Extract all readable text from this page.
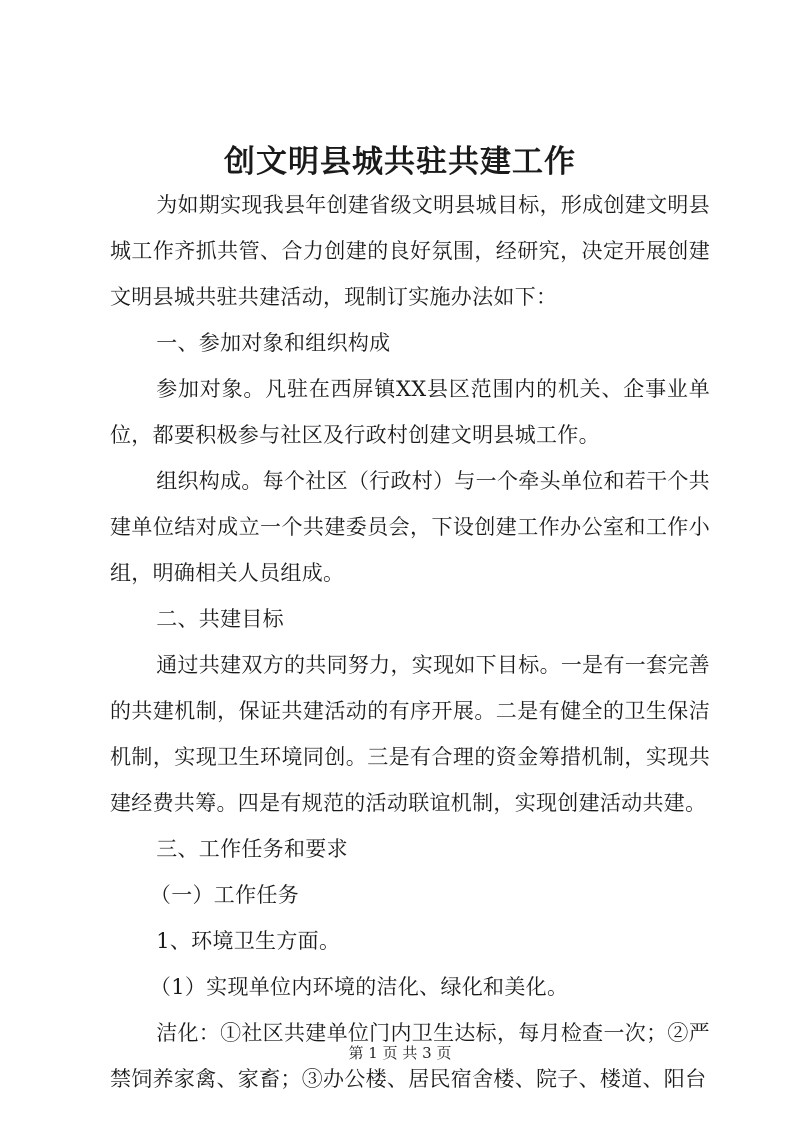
创文明县城共驻共建工作

为如期实现我县年创建省级文明县城目标，形成创建文明县城工作齐抓共管、合力创建的良好氛围，经研究，决定开展创建文明县城共驻共建活动，现制订实施办法如下：

一、参加对象和组织构成

参加对象。凡驻在西屏镇XX县区范围内的机关、企事业单位，都要积极参与社区及行政村创建文明县城工作。

组织构成。每个社区（行政村）与一个牵头单位和若干个共建单位结对成立一个共建委员会，下设创建工作办公室和工作小组，明确相关人员组成。

二、共建目标

通过共建双方的共同努力，实现如下目标。一是有一套完善的共建机制，保证共建活动的有序开展。二是有健全的卫生保洁机制，实现卫生环境同创。三是有合理的资金筹措机制，实现共建经费共筹。四是有规范的活动联谊机制，实现创建活动共建。

三、工作任务和要求

（一）工作任务

1、环境卫生方面。

（1）实现单位内环境的洁化、绿化和美化。

洁化：①社区共建单位门内卫生达标，每月检查一次；②严禁饲养家禽、家畜；③办公楼、居民宿舍楼、院子、楼道、阳台

第 1 页 共 3 页
